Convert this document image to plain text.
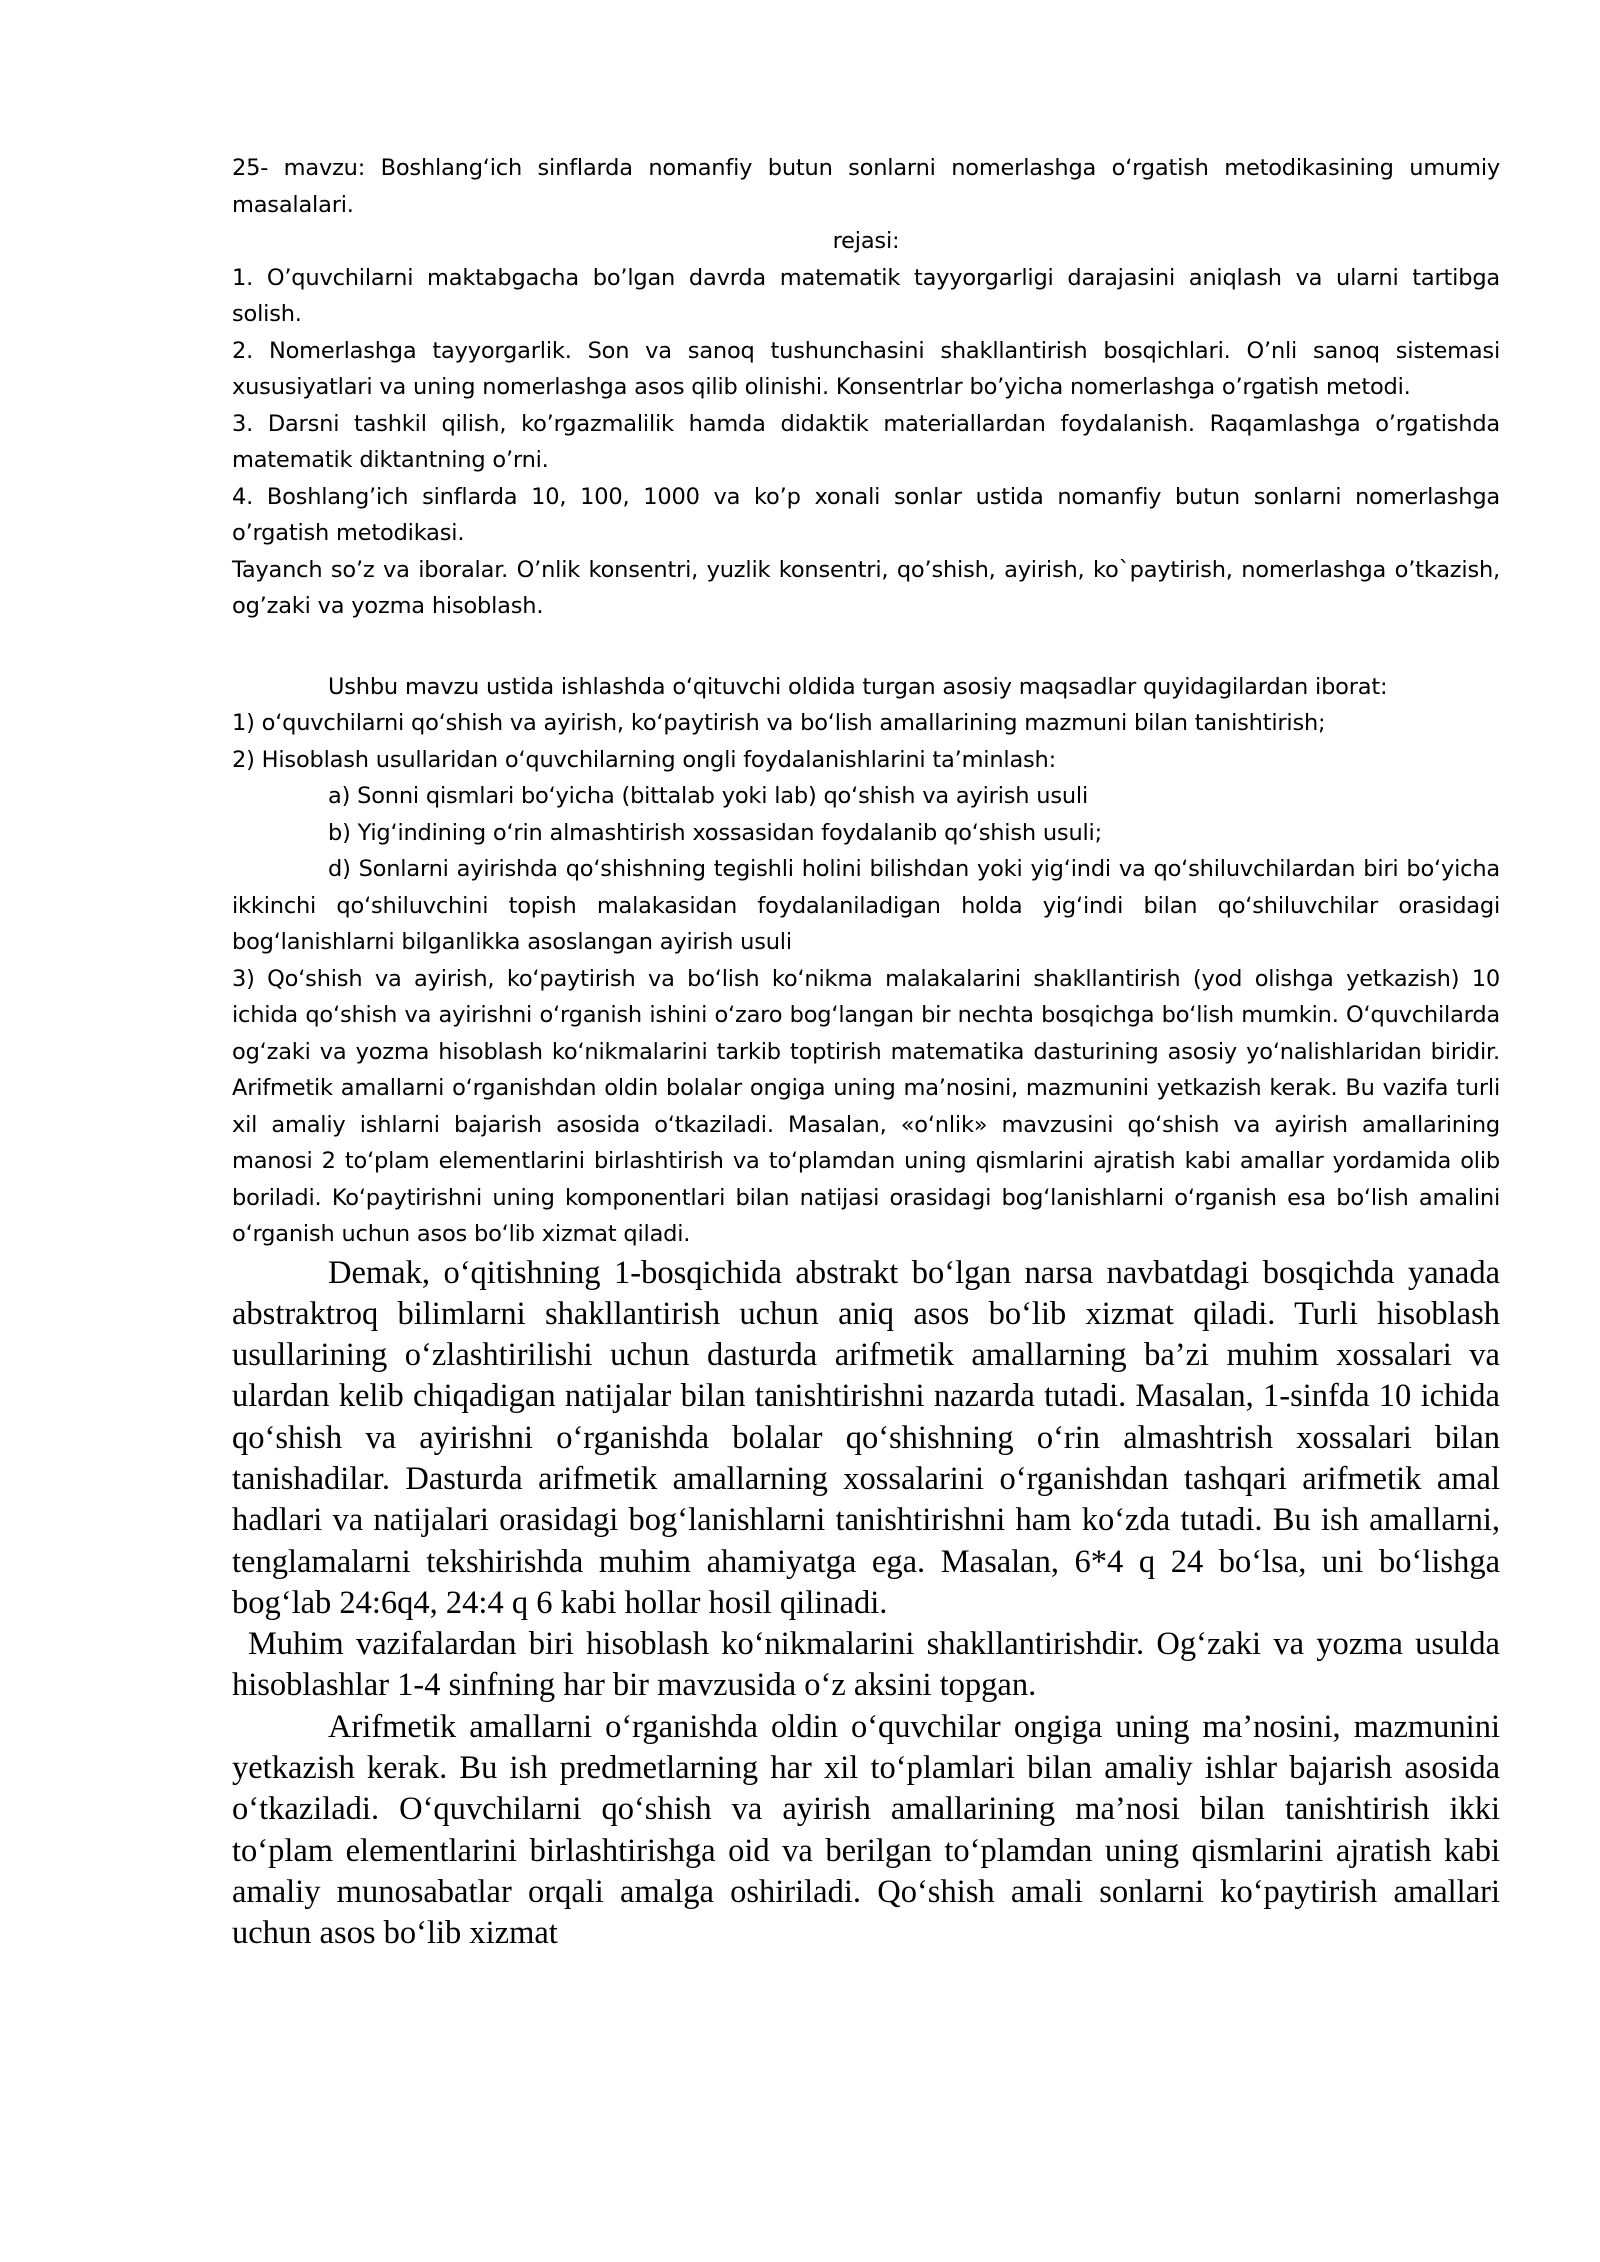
25- mavzu: Boshlang‘ich sinflarda nomanfiy butun sonlarni nomerlashga o‘rgatish metodikasining umumiy masalalari.

rejasi:

1. O’quvchilarni maktabgacha bo’lgan davrda matematik tayyorgarligi darajasini aniqlash va ularni tartibga solish.

2. Nomerlashga tayyorgarlik. Son va sanoq tushunchasini shakllantirish bosqichlari. O’nli sanoq sistemasi xususiyatlari va uning nomerlashga asos qilib olinishi. Konsentrlar bo’yicha nomerlashga o’rgatish metodi.

3. Darsni tashkil qilish, ko’rgazmalilik hamda didaktik materiallardan foydalanish. Raqamlashga o’rgatishda matematik diktantning o’rni.

4. Boshlang’ich sinflarda 10, 100, 1000 va ko’p xonali sonlar ustida nomanfiy butun sonlarni nomerlashga o’rgatish metodikasi.

Tayanch so’z va iboralar. O’nlik konsentri, yuzlik konsentri, qo’shish, ayirish, ko`paytirish, nomerlashga o’tkazish, og’zaki va yozma hisoblash.

Ushbu mavzu ustida ishlashda o‘qituvchi oldida turgan asosiy maqsadlar quyidagilardan iborat:

1) o‘quvchilarni qo‘shish va ayirish, ko‘paytirish va bo‘lish amallarining mazmuni bilan tanishtirish;

2) Hisoblash usullaridan o‘quvchilarning ongli foydalanishlarini ta’minlash:

a) Sonni qismlari bo‘yicha (bittalab yoki lab) qo‘shish va ayirish usuli

b) Yig‘indining o‘rin almashtirish xossasidan foydalanib qo‘shish usuli;

d) Sonlarni ayirishda qo‘shishning tegishli holini bilishdan yoki yig‘indi va qo‘shiluvchilardan biri bo‘yicha ikkinchi qo‘shiluvchini topish malakasidan foydalaniladigan holda yig‘indi bilan qo‘shiluvchilar orasidagi bog‘lanishlarni bilganlikka asoslangan ayirish usuli

3) Qo‘shish va ayirish, ko‘paytirish va bo‘lish ko‘nikma malakalarini shakllantirish (yod olishga yetkazish) 10 ichida qo‘shish va ayirishni o‘rganish ishini o‘zaro bog‘langan bir nechta bosqichga bo‘lish mumkin. O‘quvchilarda og‘zaki va yozma hisoblash ko‘nikmalarini tarkib toptirish matematika dasturining asosiy yo‘nalishlaridan biridir. Arifmetik amallarni o‘rganishdan oldin bolalar ongiga uning ma’nosini, mazmunini yetkazish kerak. Bu vazifa turli xil amaliy ishlarni bajarish asosida o‘tkaziladi. Masalan, «o‘nlik» mavzusini qo‘shish va ayirish amallarining manosi 2 to‘plam elementlarini birlashtirish va to‘plamdan uning qismlarini ajratish kabi amallar yordamida olib boriladi. Ko‘paytirishni uning komponentlari bilan natijasi orasidagi bog‘lanishlarni o‘rganish esa bo‘lish amalini o‘rganish uchun asos bo‘lib xizmat qiladi.

Demak, o‘qitishning 1-bosqichida abstrakt bo‘lgan narsa navbatdagi bosqichda yanada abstraktroq bilimlarni shakllantirish uchun aniq asos bo‘lib xizmat qiladi. Turli hisoblash usullarining o‘zlashtirilishi uchun dasturda arifmetik amallarning ba’zi muhim xossalari va ulardan kelib chiqadigan natijalar bilan tanishtirishni nazarda tutadi. Masalan, 1-sinfda 10 ichida qo‘shish va ayirishni o‘rganishda bolalar qo‘shishning o‘rin almashtrish xossalari bilan tanishadilar. Dasturda arifmetik amallarning xossalarini o‘rganishdan tashqari arifmetik amal hadlari va natijalari orasidagi bog‘lanishlarni tanishtirishni ham ko‘zda tutadi. Bu ish amallarni, tenglamalarni tekshirishda muhim ahamiyatga ega. Masalan, 6*4 q 24 bo‘lsa, uni bo‘lishga bog‘lab 24:6q4, 24:4 q 6 kabi hollar hosil qilinadi.

Muhim vazifalardan biri hisoblash ko‘nikmalarini shakllantirishdir. Og‘zaki va yozma usulda hisoblashlar 1-4 sinfning har bir mavzusida o‘z aksini topgan.

Arifmetik amallarni o‘rganishda oldin o‘quvchilar ongiga uning ma’nosini, mazmunini yetkazish kerak. Bu ish predmetlarning har xil to‘plamlari bilan amaliy ishlar bajarish asosida o‘tkaziladi. O‘quvchilarni qo‘shish va ayirish amallarining ma’nosi bilan tanishtirish ikki to‘plam elementlarini birlashtirishga oid va berilgan to‘plamdan uning qismlarini ajratish kabi amaliy munosabatlar orqali amalga oshiriladi. Qo‘shish amali sonlarni ko‘paytirish amallari uchun asos bo‘lib xizmat
